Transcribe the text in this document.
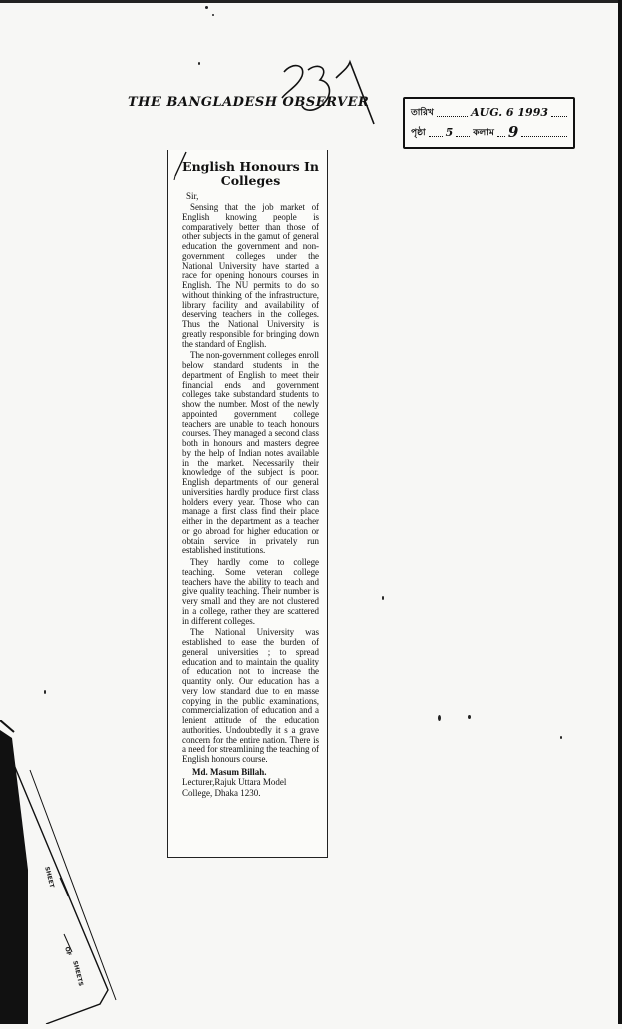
THE BANGLADESH OBSERVER
তারিখ	AUG. 6 1993
পৃষ্ঠা 5 কলাম 9
English Honours In
Colleges
Sir,

Sensing that the job market of English knowing people is comparatively better than those of other subjects in the gamut of general education the government and non-government colleges under the National University have started a race for opening honours courses in English. The NU permits to do so without thinking of the infrastructure, library facility and availability of deserving teachers in the colleges. Thus the National University is greatly responsible for bringing down the standard of English.

The non-government colleges enroll below standard students in the department of English to meet their financial ends and government colleges take substandard students to show the number. Most of the newly appointed government college teachers are unable to teach honours courses. They managed a second class both in honours and masters degree by the help of Indian notes available in the market. Necessarily their knowledge of the subject is poor. English departments of our general universities hardly produce first class holders every year. Those who can manage a first class find their place either in the department as a teacher or go abroad for higher education or obtain service in privately run established institutions.

They hardly come to college teaching. Some veteran college teachers have the ability to teach and give quality teaching. Their number is very small and they are not clustered in a college, rather they are scattered in different colleges.

The National University was established to ease the burden of general universities ; to spread education and to maintain the quality of education not to increase the quantity only. Our education has a very low standard due to en masse copying in the public examinations, commercialization of education and a lenient attitude of the education authorities. Undoubtedly it s a grave concern for the entire nation. There is a need for streamlining the teaching of English honours course.

Md. Masum Billah.
Lecturer,Rajuk Uttara Model
College, Dhaka 1230.
SHEET
OF
SHEETS
